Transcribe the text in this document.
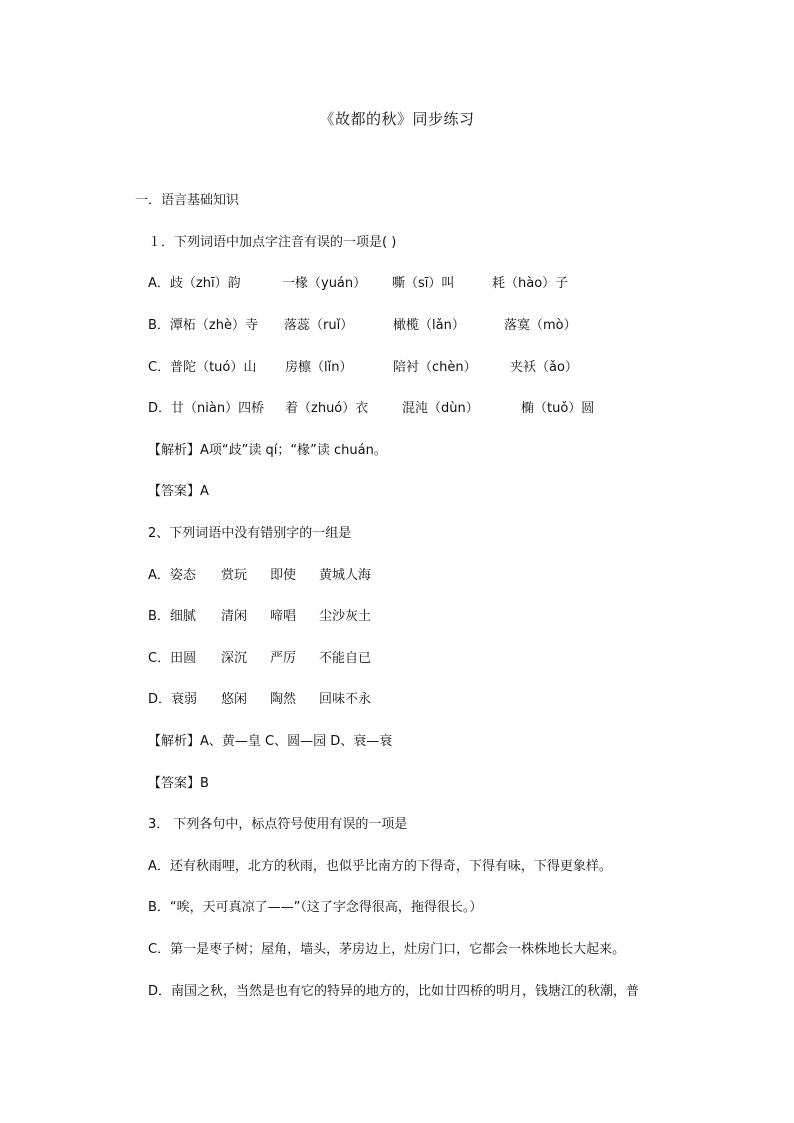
《故都的秋》同步练习
一．语言基础知识
１．下列词语中加点字注音有误的一项是( )
A．歧（zhī）韵	一椽（yuán） 嘶（sī）叫	耗（hào）子
B．潭柘（zhè）寺 落蕊（ruǐ）	橄榄（lǎn）	落寞（mò）
C．普陀（tuó）山 房檩（lǐn）	陪衬（chèn）	夹袄（ǎo）
D．廿（niàn）四桥 着（zhuó）衣	混沌（dùn）	椭（tuǒ）圆
【解析】A项“歧”读 qí；“椽”读 chuán。
【答案】A
2、下列词语中没有错别字的一组是
A．姿态 赏玩 即使 黄城人海
B．细腻 清闲 啼唱 尘沙灰土
C．田圆 深沉 严厉 不能自已
D．衰弱 悠闲 陶然 回味不永
【解析】A、黄—皇 C、圆—园 D、衰—衰
【答案】B
3． 下列各句中，标点符号使用有误的一项是
A．还有秋雨哩，北方的秋雨，也似乎比南方的下得奇，下得有味，下得更象样。
B．“唉，天可真凉了——”（这了字念得很高，拖得很长。）
C．第一是枣子树；屋角，墙头，茅房边上，灶房门口，它都会一株株地长大起来。
D．南国之秋，当然是也有它的特异的地方的，比如廿四桥的明月，钱塘江的秋潮，普
